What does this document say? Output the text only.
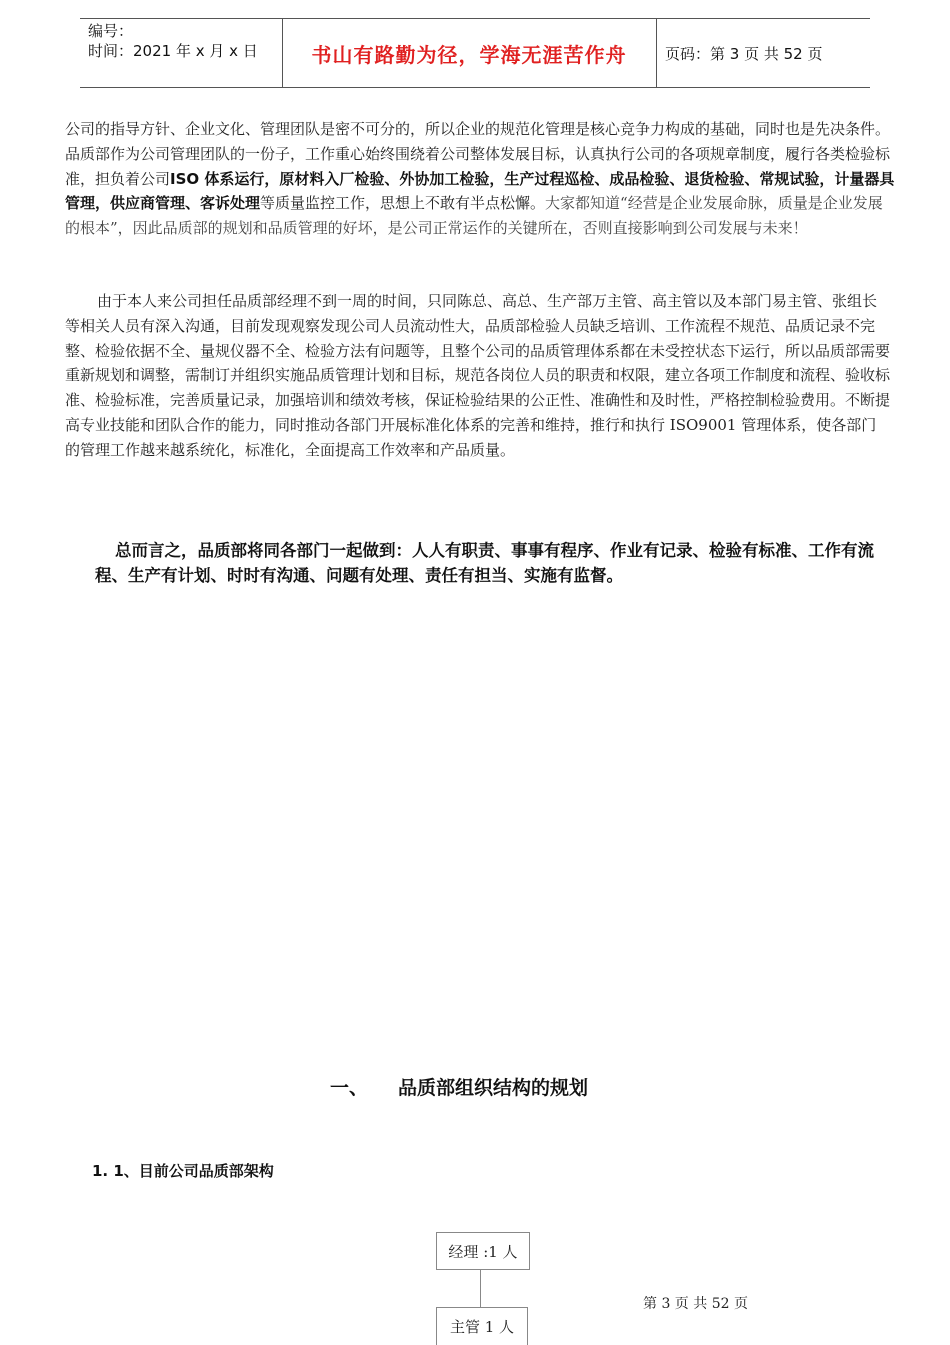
编号：
时间：2021 年 x 月 x 日	书山有路勤为径，学海无涯苦作舟	页码：第 3 页 共 52 页
公司的指导方针、企业文化、管理团队是密不可分的，所以企业的规范化管理是核心竞争力构成的基础，同时也是先决条件。品质部作为公司管理团队的一份子，工作重心始终围绕着公司整体发展目标，认真执行公司的各项规章制度，履行各类检验标准，担负着公司ISO 体系运行，原材料入厂检验、外协加工检验，生产过程巡检、成品检验、退货检验、常规试验，计量器具管理，供应商管理、客诉处理等质量监控工作，思想上不敢有半点松懈。大家都知道“经营是企业发展命脉，质量是企业发展的根本”，因此品质部的规划和品质管理的好坏，是公司正常运作的关键所在，否则直接影响到公司发展与未来！
由于本人来公司担任品质部经理不到一周的时间，只同陈总、高总、生产部万主管、高主管以及本部门易主管、张组长等相关人员有深入沟通，目前发现观察发现公司人员流动性大，品质部检验人员缺乏培训、工作流程不规范、品质记录不完整、检验依据不全、量规仪器不全、检验方法有问题等，且整个公司的品质管理体系都在未受控状态下运行，所以品质部需要重新规划和调整，需制订并组织实施品质管理计划和目标，规范各岗位人员的职责和权限，建立各项工作制度和流程、验收标准、检验标准，完善质量记录，加强培训和绩效考核，保证检验结果的公正性、准确性和及时性，严格控制检验费用。不断提高专业技能和团队合作的能力，同时推动各部门开展标准化体系的完善和维持，推行和执行 ISO9001 管理体系，使各部门的管理工作越来越系统化，标准化，全面提高工作效率和产品质量。
总而言之，品质部将同各部门一起做到：人人有职责、事事有程序、作业有记录、检验有标准、工作有流程、生产有计划、时时有沟通、问题有处理、责任有担当、实施有监督。
一、 品质部组织结构的规划
1. 1、目前公司品质部架构
经理 :1 人
主管 1 人
第 3 页 共 52 页
